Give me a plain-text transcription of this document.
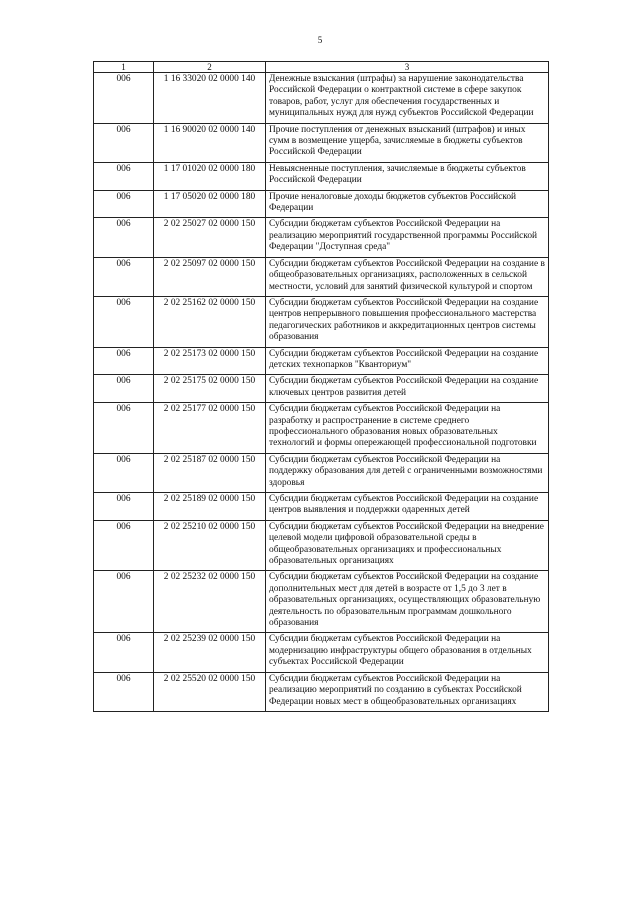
5
1	2	3
006	1 16 33020 02 0000 140	Денежные взыскания (штрафы) за нарушение законодательства Российской Федерации о контрактной системе в сфере закупок товаров, работ, услуг для обеспечения государственных и муниципальных нужд для нужд субъектов Российской Федерации
006	1 16 90020 02 0000 140	Прочие поступления от денежных взысканий (штрафов) и иных сумм в возмещение ущерба, зачисляемые в бюджеты субъектов Российской Федерации
006	1 17 01020 02 0000 180	Невыясненные поступления, зачисляемые в бюджеты субъектов Российской Федерации
006	1 17 05020 02 0000 180	Прочие неналоговые доходы бюджетов субъектов Российской Федерации
006	2 02 25027 02 0000 150	Субсидии бюджетам субъектов Российской Федерации на реализацию мероприятий государственной программы Российской Федерации "Доступная среда"
006	2 02 25097 02 0000 150	Субсидии бюджетам субъектов Российской Федерации на создание в общеобразовательных организациях, расположенных в сельской местности, условий для занятий физической культурой и спортом
006	2 02 25162 02 0000 150	Субсидии бюджетам субъектов Российской Федерации на создание центров непрерывного повышения профессионального мастерства педагогических работников и аккредитационных центров системы образования
006	2 02 25173 02 0000 150	Субсидии бюджетам субъектов Российской Федерации на создание детских технопарков "Кванториум"
006	2 02 25175 02 0000 150	Субсидии бюджетам субъектов Российской Федерации на создание ключевых центров развития детей
006	2 02 25177 02 0000 150	Субсидии бюджетам субъектов Российской Федерации на разработку и распространение в системе среднего профессионального образования новых образовательных технологий и формы опережающей профессиональной подготовки
006	2 02 25187 02 0000 150	Субсидии бюджетам субъектов Российской Федерации на поддержку образования для детей с ограниченными возможностями здоровья
006	2 02 25189 02 0000 150	Субсидии бюджетам субъектов Российской Федерации на создание центров выявления и поддержки одаренных детей
006	2 02 25210 02 0000 150	Субсидии бюджетам субъектов Российской Федерации на внедрение целевой модели цифровой образовательной среды в общеобразовательных организациях и профессиональных образовательных организациях
006	2 02 25232 02 0000 150	Субсидии бюджетам субъектов Российской Федерации на создание дополнительных мест для детей в возрасте от 1,5 до 3 лет в образовательных организациях, осуществляющих образовательную деятельность по образовательным программам дошкольного образования
006	2 02 25239 02 0000 150	Субсидии бюджетам субъектов Российской Федерации на модернизацию инфраструктуры общего образования в отдельных субъектах Российской Федерации
006	2 02 25520 02 0000 150	Субсидии бюджетам субъектов Российской Федерации на реализацию мероприятий по созданию в субъектах Российской Федерации новых мест в общеобразовательных организациях
